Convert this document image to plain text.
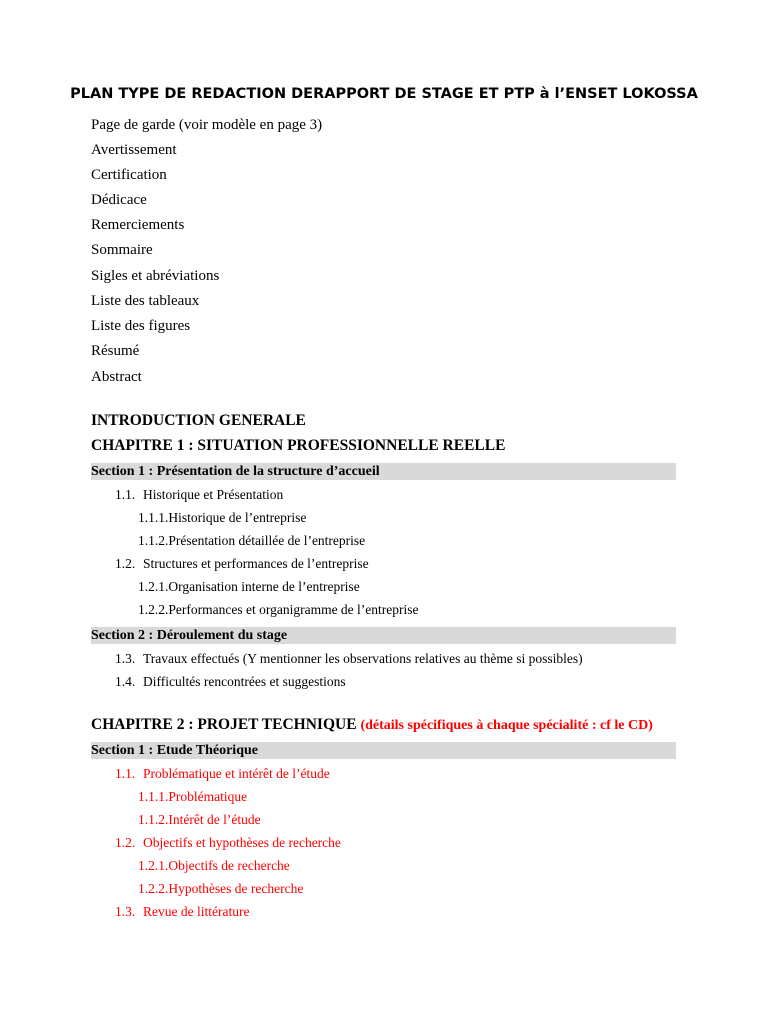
PLAN TYPE DE REDACTION DERAPPORT DE STAGE ET PTP à l’ENSET LOKOSSA
Page de garde (voir modèle en page 3)
Avertissement
Certification
Dédicace
Remerciements
Sommaire
Sigles et abréviations
Liste des tableaux
Liste des figures
Résumé
Abstract
INTRODUCTION GENERALE
CHAPITRE 1 : SITUATION PROFESSIONNELLE REELLE
Section 1 : Présentation de la structure d’accueil
1.1. Historique et Présentation
1.1.1.Historique de l’entreprise
1.1.2.Présentation détaillée de l’entreprise
1.2. Structures et performances de l’entreprise
1.2.1.Organisation interne de l’entreprise
1.2.2.Performances et organigramme de l’entreprise
Section 2 : Déroulement du stage
1.3. Travaux effectués (Y mentionner les observations relatives au thème si possibles)
1.4. Difficultés rencontrées et suggestions
CHAPITRE 2 : PROJET TECHNIQUE (détails spécifiques à chaque spécialité : cf le CD)
Section 1 : Etude Théorique
1.1. Problématique et intérêt de l’étude
1.1.1.Problématique
1.1.2.Intérêt de l’étude
1.2. Objectifs et hypothèses de recherche
1.2.1.Objectifs de recherche
1.2.2.Hypothèses de recherche
1.3. Revue de littérature
